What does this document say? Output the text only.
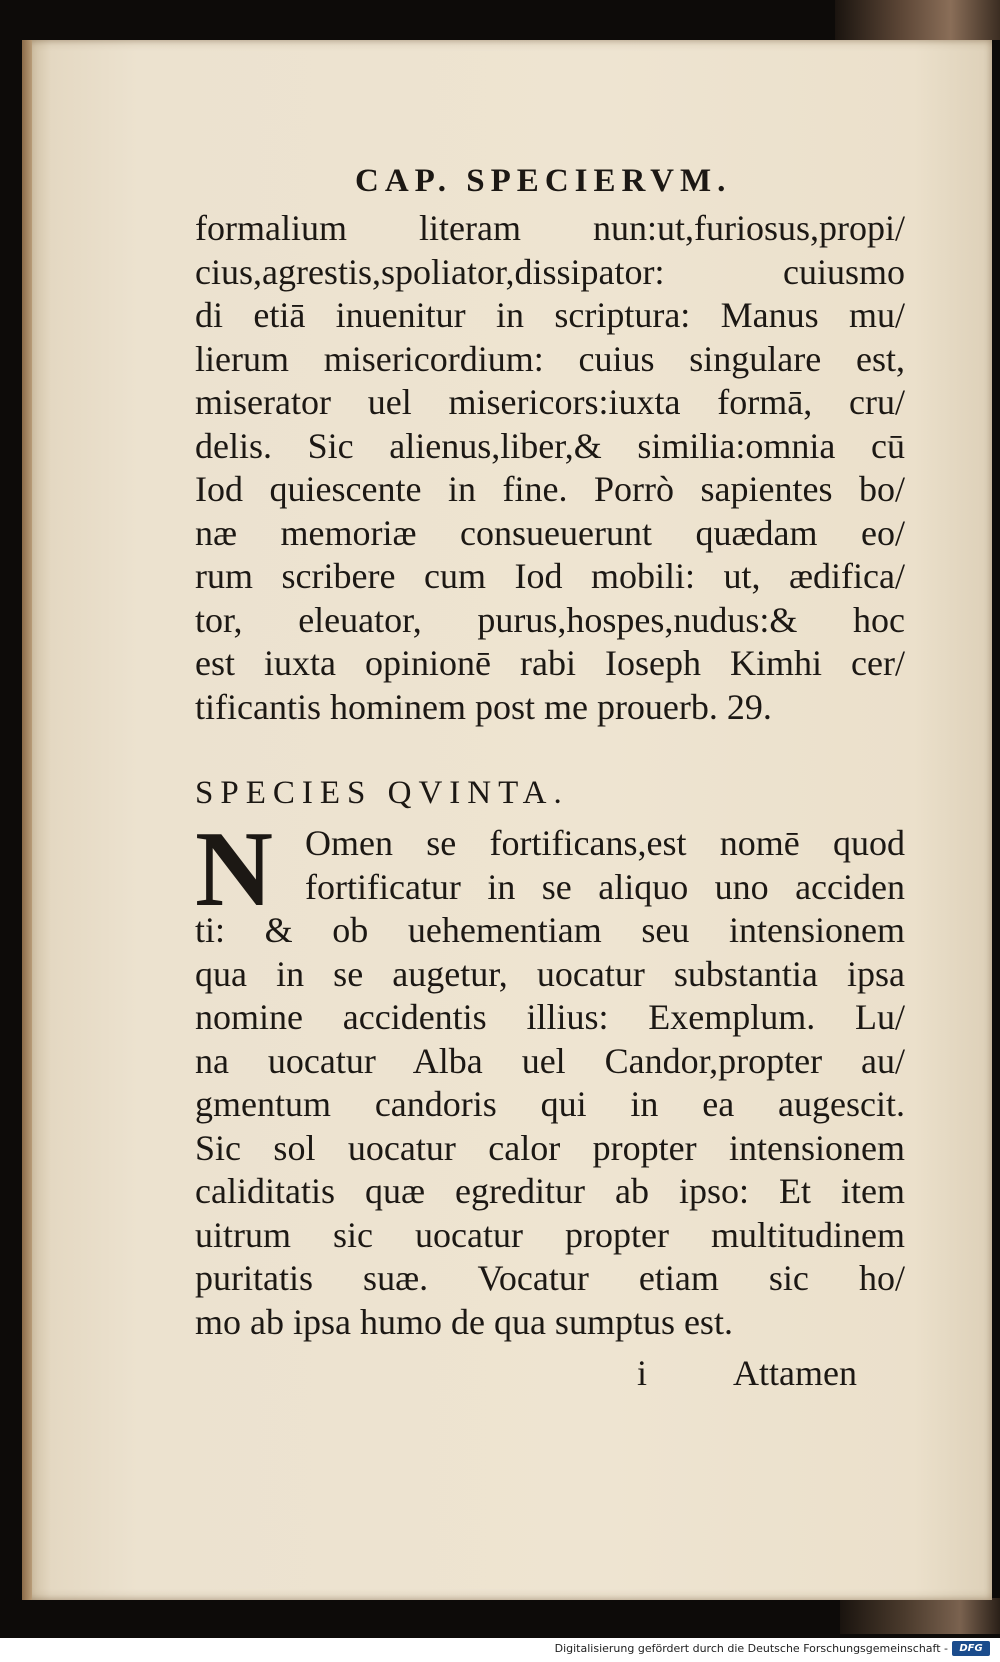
CAP. SPECIERVM.
formalium literam nun:ut,furiosus,propi/
cius,agrestis,spoliator,dissipator: cuiusmo
di etiā inuenitur in scriptura: Manus mu/
lierum misericordium: cuius singulare est,
miserator uel misericors:iuxta formā, cru/
delis. Sic alienus,liber,& similia:omnia cū
Iod quiescente in fine. Porrò sapientes bo/
næ memoriæ consueuerunt quædam eo/
rum scribere cum Iod mobili: ut, ædifica/
tor, eleuator, purus,hospes,nudus:& hoc
est iuxta opinionē rabi Ioseph Kimhi cer/
tificantis hominem post me prouerb. 29.
SPECIES QVINTA.
N Omen se fortificans,est nomē quod
fortificatur in se aliquo uno acciden
ti: & ob uehementiam seu intensionem
qua in se augetur, uocatur substantia ipsa
nomine accidentis illius: Exemplum. Lu/
na uocatur Alba uel Candor,propter au/
gmentum candoris qui in ea augescit.
Sic sol uocatur calor propter intensionem
caliditatis quæ egreditur ab ipso: Et item
uitrum sic uocatur propter multitudinem
puritatis suæ. Vocatur etiam sic ho/
mo ab ipsa humo de qua sumptus est.
i Attamen
Digitalisierung gefördert durch die Deutsche Forschungsgemeinschaft -	DFG
